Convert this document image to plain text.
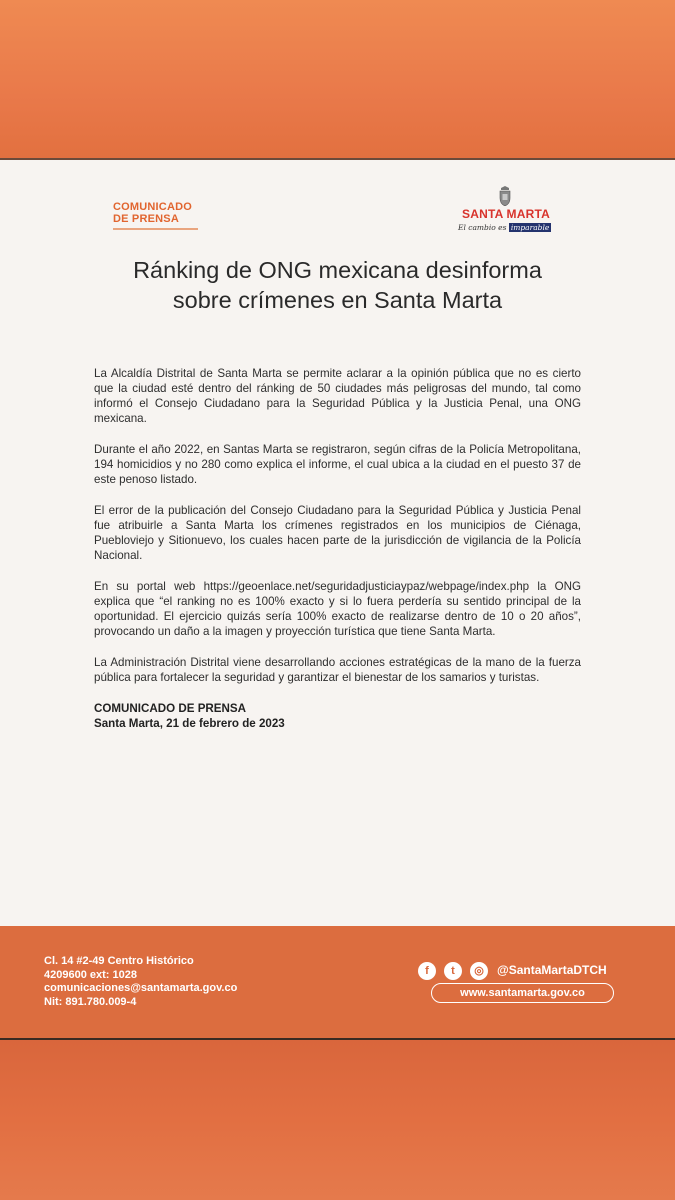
COMUNICADO
DE PRENSA	SANTA MARTA
El cambio es imparable
Ránking de ONG mexicana desinforma
sobre crímenes en Santa Marta

La Alcaldía Distrital de Santa Marta se permite aclarar a la opinión pública que no es cierto que la ciudad esté dentro del ránking de 50 ciudades más peligrosas del mundo, tal como informó el Consejo Ciudadano para la Seguridad Pública y la Justicia Penal, una ONG mexicana.

Durante el año 2022, en Santas Marta se registraron, según cifras de la Policía Metropolitana, 194 homicidios y no 280 como explica el informe, el cual ubica a la ciudad en el puesto 37 de este penoso listado.

El error de la publicación del Consejo Ciudadano para la Seguridad Pública y Justicia Penal fue atribuirle a Santa Marta los crímenes registrados en los municipios de Ciénaga, Puebloviejo y Sitionuevo, los cuales hacen parte de la jurisdicción de vigilancia de la Policía Nacional.

En su portal web https://geoenlace.net/seguridadjusticiaypaz/webpage/index.php la ONG explica que “el ranking no es 100% exacto y si lo fuera perdería su sentido principal de la oportunidad. El ejercicio quizás sería 100% exacto de realizarse dentro de 10 o 20 años”, provocando un daño a la imagen y proyección turística que tiene Santa Marta.

La Administración Distrital viene desarrollando acciones estratégicas de la mano de la fuerza pública para fortalecer la seguridad y garantizar el bienestar de los samarios y turistas.

COMUNICADO DE PRENSA
Santa Marta, 21 de febrero de 2023
Cl. 14 #2-49 Centro Histórico
4209600 ext: 1028
comunicaciones@santamarta.gov.co
Nit: 891.780.009-4
f	t	◎	@SantaMartaDTCH
www.santamarta.gov.co
